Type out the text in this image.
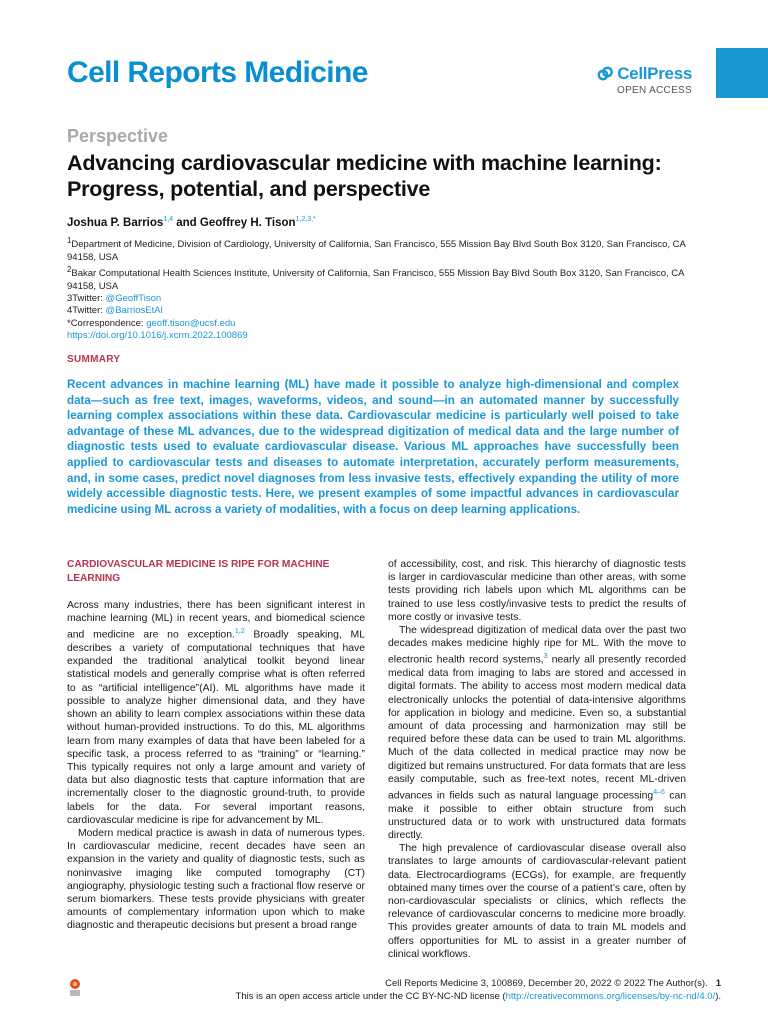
Cell Reports Medicine	CellPress
OPEN ACCESS
Perspective
Advancing cardiovascular medicine with machine learning: Progress, potential, and perspective
Joshua P. Barrios$^{1,4}$ and Geoffrey H. Tison$^{1,2,3,*}$
$^1$Department of Medicine, Division of Cardiology, University of California, San Francisco, 555 Mission Bay Blvd South Box 3120, San Francisco, CA 94158, USA
$^2$Bakar Computational Health Sciences Institute, University of California, San Francisco, 555 Mission Bay Blvd South Box 3120, San Francisco, CA 94158, USA
3Twitter: @GeoffTison
4Twitter: @BarriosEtAl
*Correspondence: geoff.tison@ucsf.edu
https://doi.org/10.1016/j.xcrm.2022.100869
SUMMARY

Recent advances in machine learning (ML) have made it possible to analyze high-dimensional and complex data—such as free text, images, waveforms, videos, and sound—in an automated manner by successfully learning complex associations within these data. Cardiovascular medicine is particularly well poised to take advantage of these ML advances, due to the widespread digitization of medical data and the large number of diagnostic tests used to evaluate cardiovascular disease. Various ML approaches have successfully been applied to cardiovascular tests and diseases to automate interpretation, accurately perform measurements, and, in some cases, predict novel diagnoses from less invasive tests, effectively expanding the utility of more widely accessible diagnostic tests. Here, we present examples of some impactful advances in cardiovascular medicine using ML across a variety of modalities, with a focus on deep learning applications.

CARDIOVASCULAR MEDICINE IS RIPE FOR MACHINE LEARNING

Across many industries, there has been significant interest in machine learning (ML) in recent years, and biomedical science and medicine are no exception.$^{1,2}$ Broadly speaking, ML describes a variety of computational techniques that have expanded the traditional analytical toolkit beyond linear statistical models and generally comprise what is often referred to as “artificial intelligence”(AI). ML algorithms have made it possible to analyze higher dimensional data, and they have shown an ability to learn complex associations within these data without human-provided instructions. To do this, ML algorithms learn from many examples of data that have been labeled for a specific task, a process referred to as “training” or “learning.” This typically requires not only a large amount and variety of data but also diagnostic tests that capture information that are incrementally closer to the diagnostic ground-truth, to provide labels for the data. For several important reasons, cardiovascular medicine is ripe for advancement by ML.

Modern medical practice is awash in data of numerous types. In cardiovascular medicine, recent decades have seen an expansion in the variety and quality of diagnostic tests, such as noninvasive imaging like computed tomography (CT) angiography, physiologic testing such a fractional flow reserve or serum biomarkers. These tests provide physicians with greater amounts of complementary information upon which to make diagnostic and therapeutic decisions but present a broad range

of accessibility, cost, and risk. This hierarchy of diagnostic tests is larger in cardiovascular medicine than other areas, with some tests providing rich labels upon which ML algorithms can be trained to use less costly/invasive tests to predict the results of more costly or invasive tests.

The widespread digitization of medical data over the past two decades makes medicine highly ripe for ML. With the move to electronic health record systems,$^3$ nearly all presently recorded medical data from imaging to labs are stored and accessed in digital formats. The ability to access most modern medical data electronically unlocks the potential of data-intensive algorithms for application in biology and medicine. Even so, a substantial amount of data processing and harmonization may still be required before these data can be used to train ML algorithms. Much of the data collected in medical practice may now be digitized but remains unstructured. For data formats that are less easily computable, such as free-text notes, recent ML-driven advances in fields such as natural language processing$^{4-6}$ can make it possible to either obtain structure from such unstructured data or to work with unstructured data formats directly.

The high prevalence of cardiovascular disease overall also translates to large amounts of cardiovascular-relevant patient data. Electrocardiograms (ECGs), for example, are frequently obtained many times over the course of a patient’s care, often by non-cardiovascular specialists or clinics, which reflects the relevance of cardiovascular concerns to medicine more broadly. This provides greater amounts of data to train ML models and offers opportunities for ML to assist in a greater number of clinical workflows.

Cell Reports Medicine 3, 100869, December 20, 2022 © 2022 The Author(s). 1
This is an open access article under the CC BY-NC-ND license (http://creativecommons.org/licenses/by-nc-nd/4.0/).
